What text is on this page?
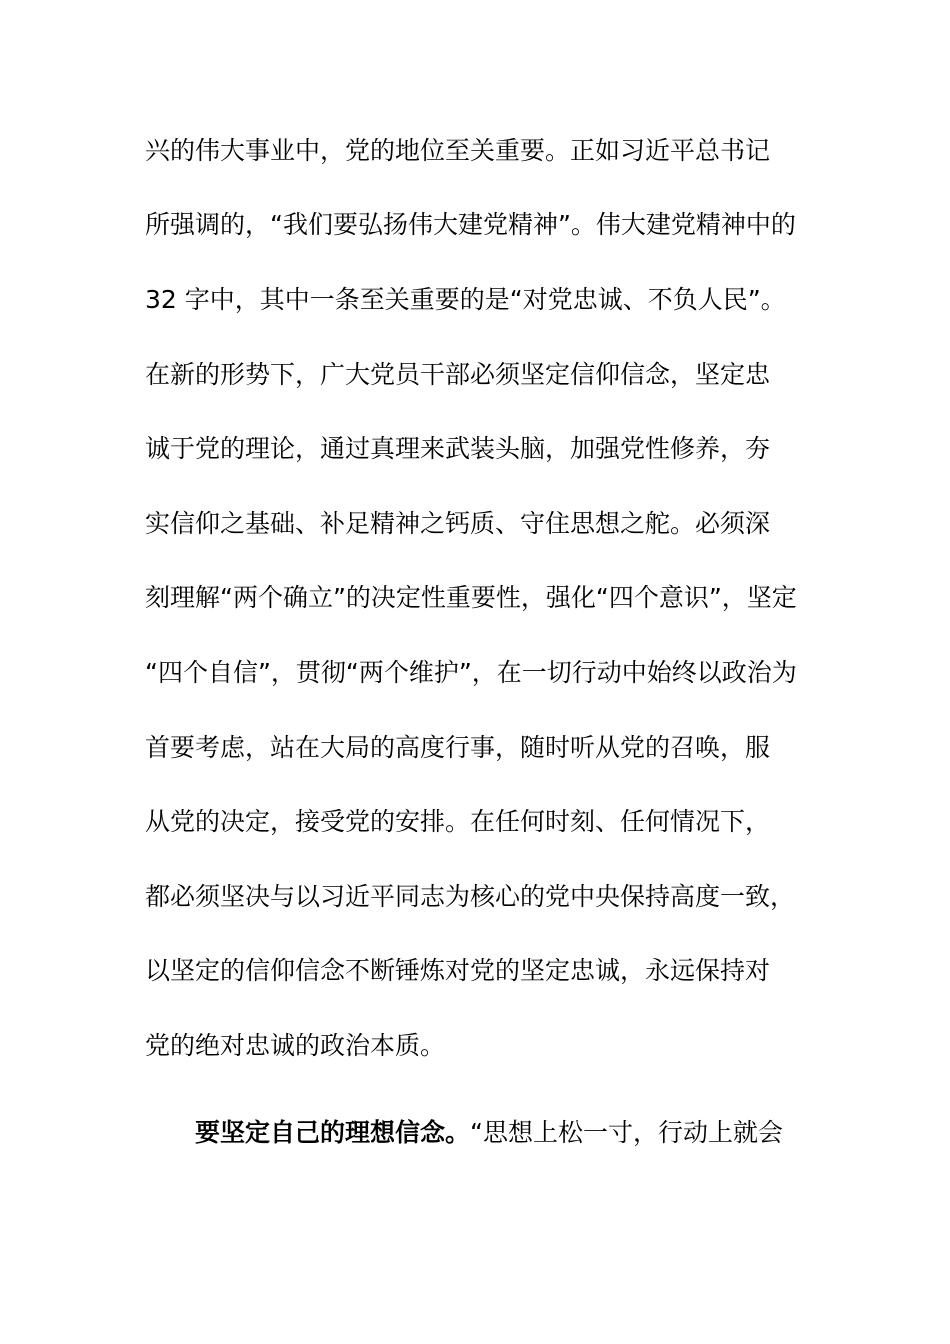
兴的伟大事业中，党的地位至关重要。正如习近平总书记
所强调的，“我们要弘扬伟大建党精神”。伟大建党精神中的
32 字中，其中一条至关重要的是“对党忠诚、不负人民”。
在新的形势下，广大党员干部必须坚定信仰信念，坚定忠
诚于党的理论，通过真理来武装头脑，加强党性修养，夯
实信仰之基础、补足精神之钙质、守住思想之舵。必须深
刻理解“两个确立”的决定性重要性，强化“四个意识”，坚定
“四个自信”，贯彻“两个维护”，在一切行动中始终以政治为
首要考虑，站在大局的高度行事，随时听从党的召唤，服
从党的决定，接受党的安排。在任何时刻、任何情况下，
都必须坚决与以习近平同志为核心的党中央保持高度一致，
以坚定的信仰信念不断锤炼对党的坚定忠诚，永远保持对
党的绝对忠诚的政治本质。
要坚定自己的理想信念。“思想上松一寸，行动上就会
